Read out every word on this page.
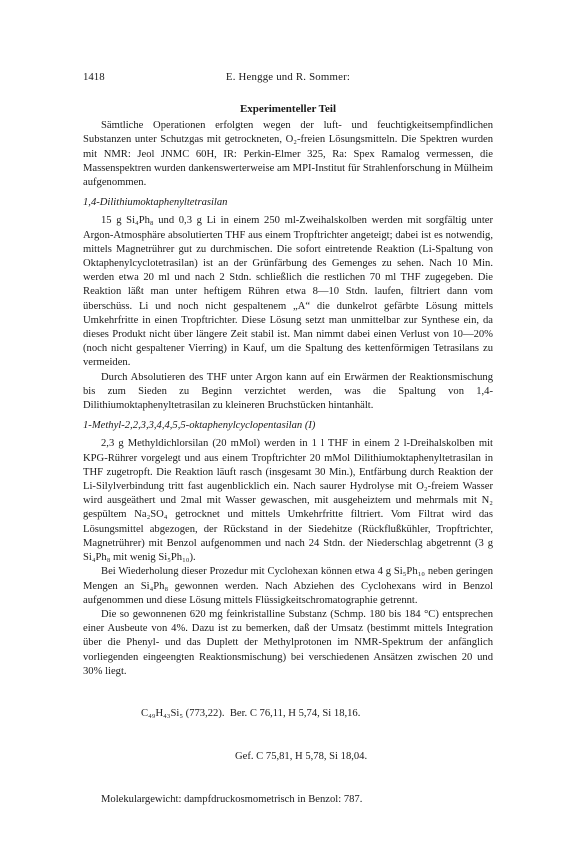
1418	E. Hengge und R. Sommer:
Experimenteller Teil

Sämtliche Operationen erfolgten wegen der luft- und feuchtigkeitsempfindlichen Substanzen unter Schutzgas mit getrockneten, O₂-freien Lösungsmitteln. Die Spektren wurden mit NMR: Jeol JNMC 60H, IR: Perkin-Elmer 325, Ra: Spex Ramalog vermessen, die Massenspektren wurden dankenswerterweise am MPI-Institut für Strahlenforschung in Mülheim aufgenommen.

1,4-Dilithiumoktaphenyltetrasilan

15 g Si₄Ph₈ und 0,3 g Li in einem 250 ml-Zweihalskolben werden mit sorgfältig unter Argon-Atmosphäre absolutierten THF aus einem Tropftrichter angeteigt; dabei ist es notwendig, mittels Magnetrührer gut zu durchmischen. Die sofort eintretende Reaktion (Li-Spaltung von Oktaphenylcyclotetrasilan) ist an der Grünfärbung des Gemenges zu sehen. Nach 10 Min. werden etwa 20 ml und nach 2 Stdn. schließlich die restlichen 70 ml THF zugegeben. Die Reaktion läßt man unter heftigem Rühren etwa 8—10 Stdn. laufen, filtriert dann vom überschüss. Li und noch nicht gespaltenem „A“ die dunkelrot gefärbte Lösung mittels Umkehrfritte in einen Tropftrichter. Diese Lösung setzt man unmittelbar zur Synthese ein, da dieses Produkt nicht über längere Zeit stabil ist. Man nimmt dabei einen Verlust von 10—20% (noch nicht gespaltener Vierring) in Kauf, um die Spaltung des kettenförmigen Tetrasilans zu vermeiden.

Durch Absolutieren des THF unter Argon kann auf ein Erwärmen der Reaktionsmischung bis zum Sieden zu Beginn verzichtet werden, was die Spaltung von 1,4-Dilithiumoktaphenyltetrasilan zu kleineren Bruchstücken hintanhält.

1-Methyl-2,2,3,3,4,4,5,5-oktaphenylcyclopentasilan (I)

2,3 g Methyldichlorsilan (20 mMol) werden in 1 l THF in einem 2 l-Dreihalskolben mit KPG-Rührer vorgelegt und aus einem Tropftrichter 20 mMol Dilithiumoktaphenyltetrasilan in THF zugetropft. Die Reaktion läuft rasch (insgesamt 30 Min.), Entfärbung durch Reaktion der Li-Silylverbindung tritt fast augenblicklich ein. Nach saurer Hydrolyse mit O₂-freiem Wasser wird ausgeäthert und 2mal mit Wasser gewaschen, mit ausgeheiztem und mehrmals mit N₂ gespültem Na₂SO₄ getrocknet und mittels Umkehrfritte filtriert. Vom Filtrat wird das Lösungsmittel abgezogen, der Rückstand in der Siedehitze (Rückflußkühler, Tropftrichter, Magnetrührer) mit Benzol aufgenommen und nach 24 Stdn. der Niederschlag abgetrennt (3 g Si₄Ph₈ mit wenig Si₅Ph₁₀).

Bei Wiederholung dieser Prozedur mit Cyclohexan können etwa 4 g Si₅Ph₁₀ neben geringen Mengen an Si₄Ph₈ gewonnen werden. Nach Abziehen des Cyclohexans wird in Benzol aufgenommen und diese Lösung mittels Flüssigkeitschromatographie getrennt.

Die so gewonnenen 620 mg feinkristalline Substanz (Schmp. 180 bis 184 °C) entsprechen einer Ausbeute von 4%. Dazu ist zu bemerken, daß der Umsatz (bestimmt mittels Integration über die Phenyl- und das Duplett der Methylprotonen im NMR-Spektrum der anfänglich vorliegenden eingeengten Reaktionsmischung) bei verschiedenen Ansätzen zwischen 20 und 30% liegt.

C₄₉H₄₃Si₅ (773,22). Ber. C 76,11, H 5,74, Si 18,16.

Gef. C 75,81, H 5,78, Si 18,04.

Molekulargewicht: dampfdruckosmometrisch in Benzol: 787.
